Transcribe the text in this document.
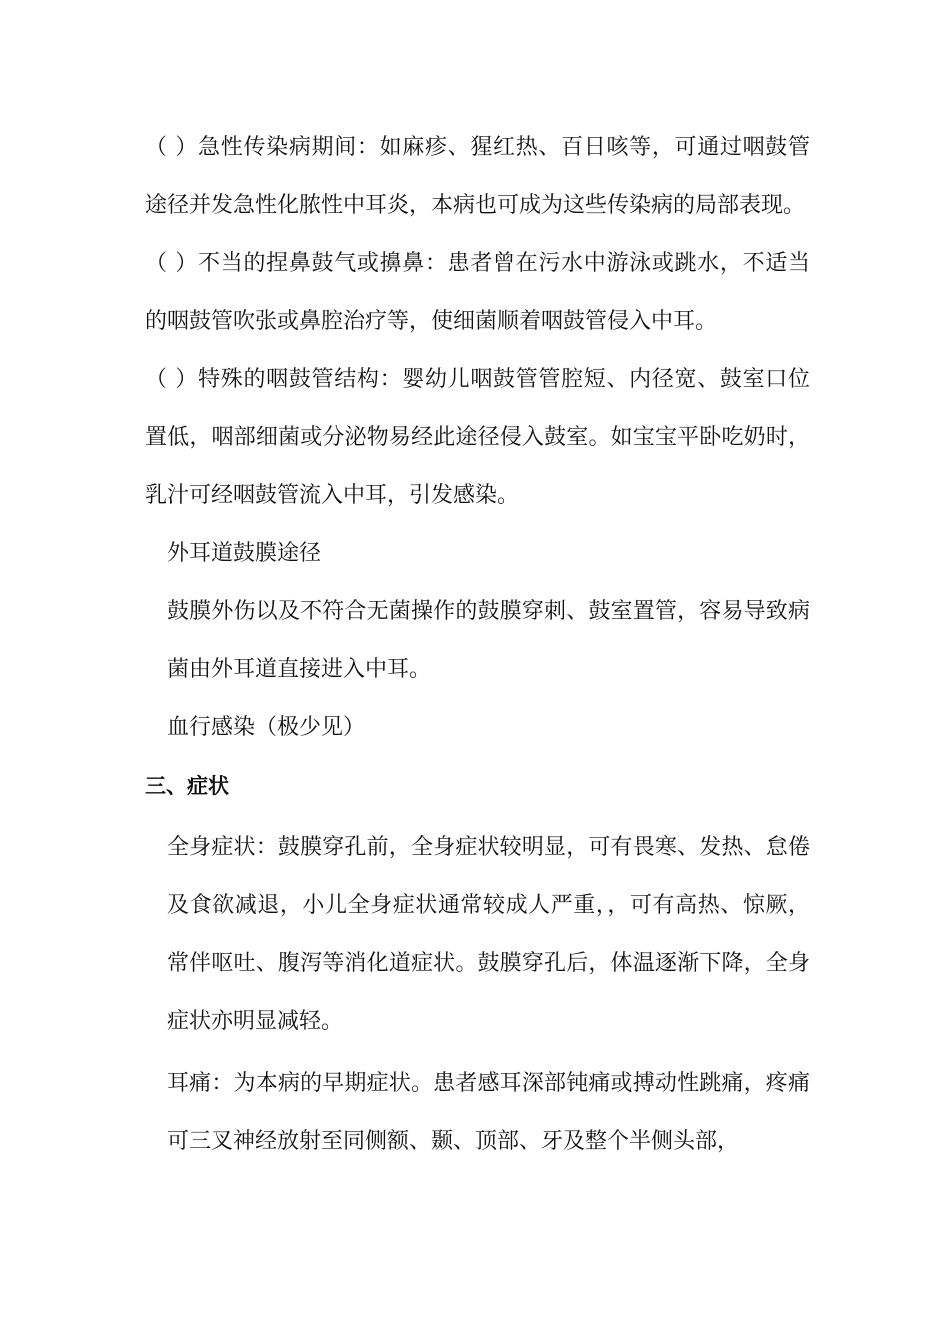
（ ）急性传染病期间：如麻疹、猩红热、百日咳等，可通过咽鼓管途径并发急性化脓性中耳炎，本病也可成为这些传染病的局部表现。

（ ）不当的捏鼻鼓气或擤鼻：患者曾在污水中游泳或跳水，不适当的咽鼓管吹张或鼻腔治疗等，使细菌顺着咽鼓管侵入中耳。

（ ）特殊的咽鼓管结构：婴幼儿咽鼓管管腔短、内径宽、鼓室口位置低，咽部细菌或分泌物易经此途径侵入鼓室。如宝宝平卧吃奶时，乳汁可经咽鼓管流入中耳，引发感染。

外耳道鼓膜途径

鼓膜外伤以及不符合无菌操作的鼓膜穿刺、鼓室置管，容易导致病菌由外耳道直接进入中耳。

血行感染（极少见）

三、症状

全身症状：鼓膜穿孔前，全身症状较明显，可有畏寒、发热、怠倦及食欲减退，小儿全身症状通常较成人严重，，可有高热、惊厥，常伴呕吐、腹泻等消化道症状。鼓膜穿孔后，体温逐渐下降，全身症状亦明显减轻。

耳痛：为本病的早期症状。患者感耳深部钝痛或搏动性跳痛，疼痛可三叉神经放射至同侧额、颞、顶部、牙及整个半侧头部，
